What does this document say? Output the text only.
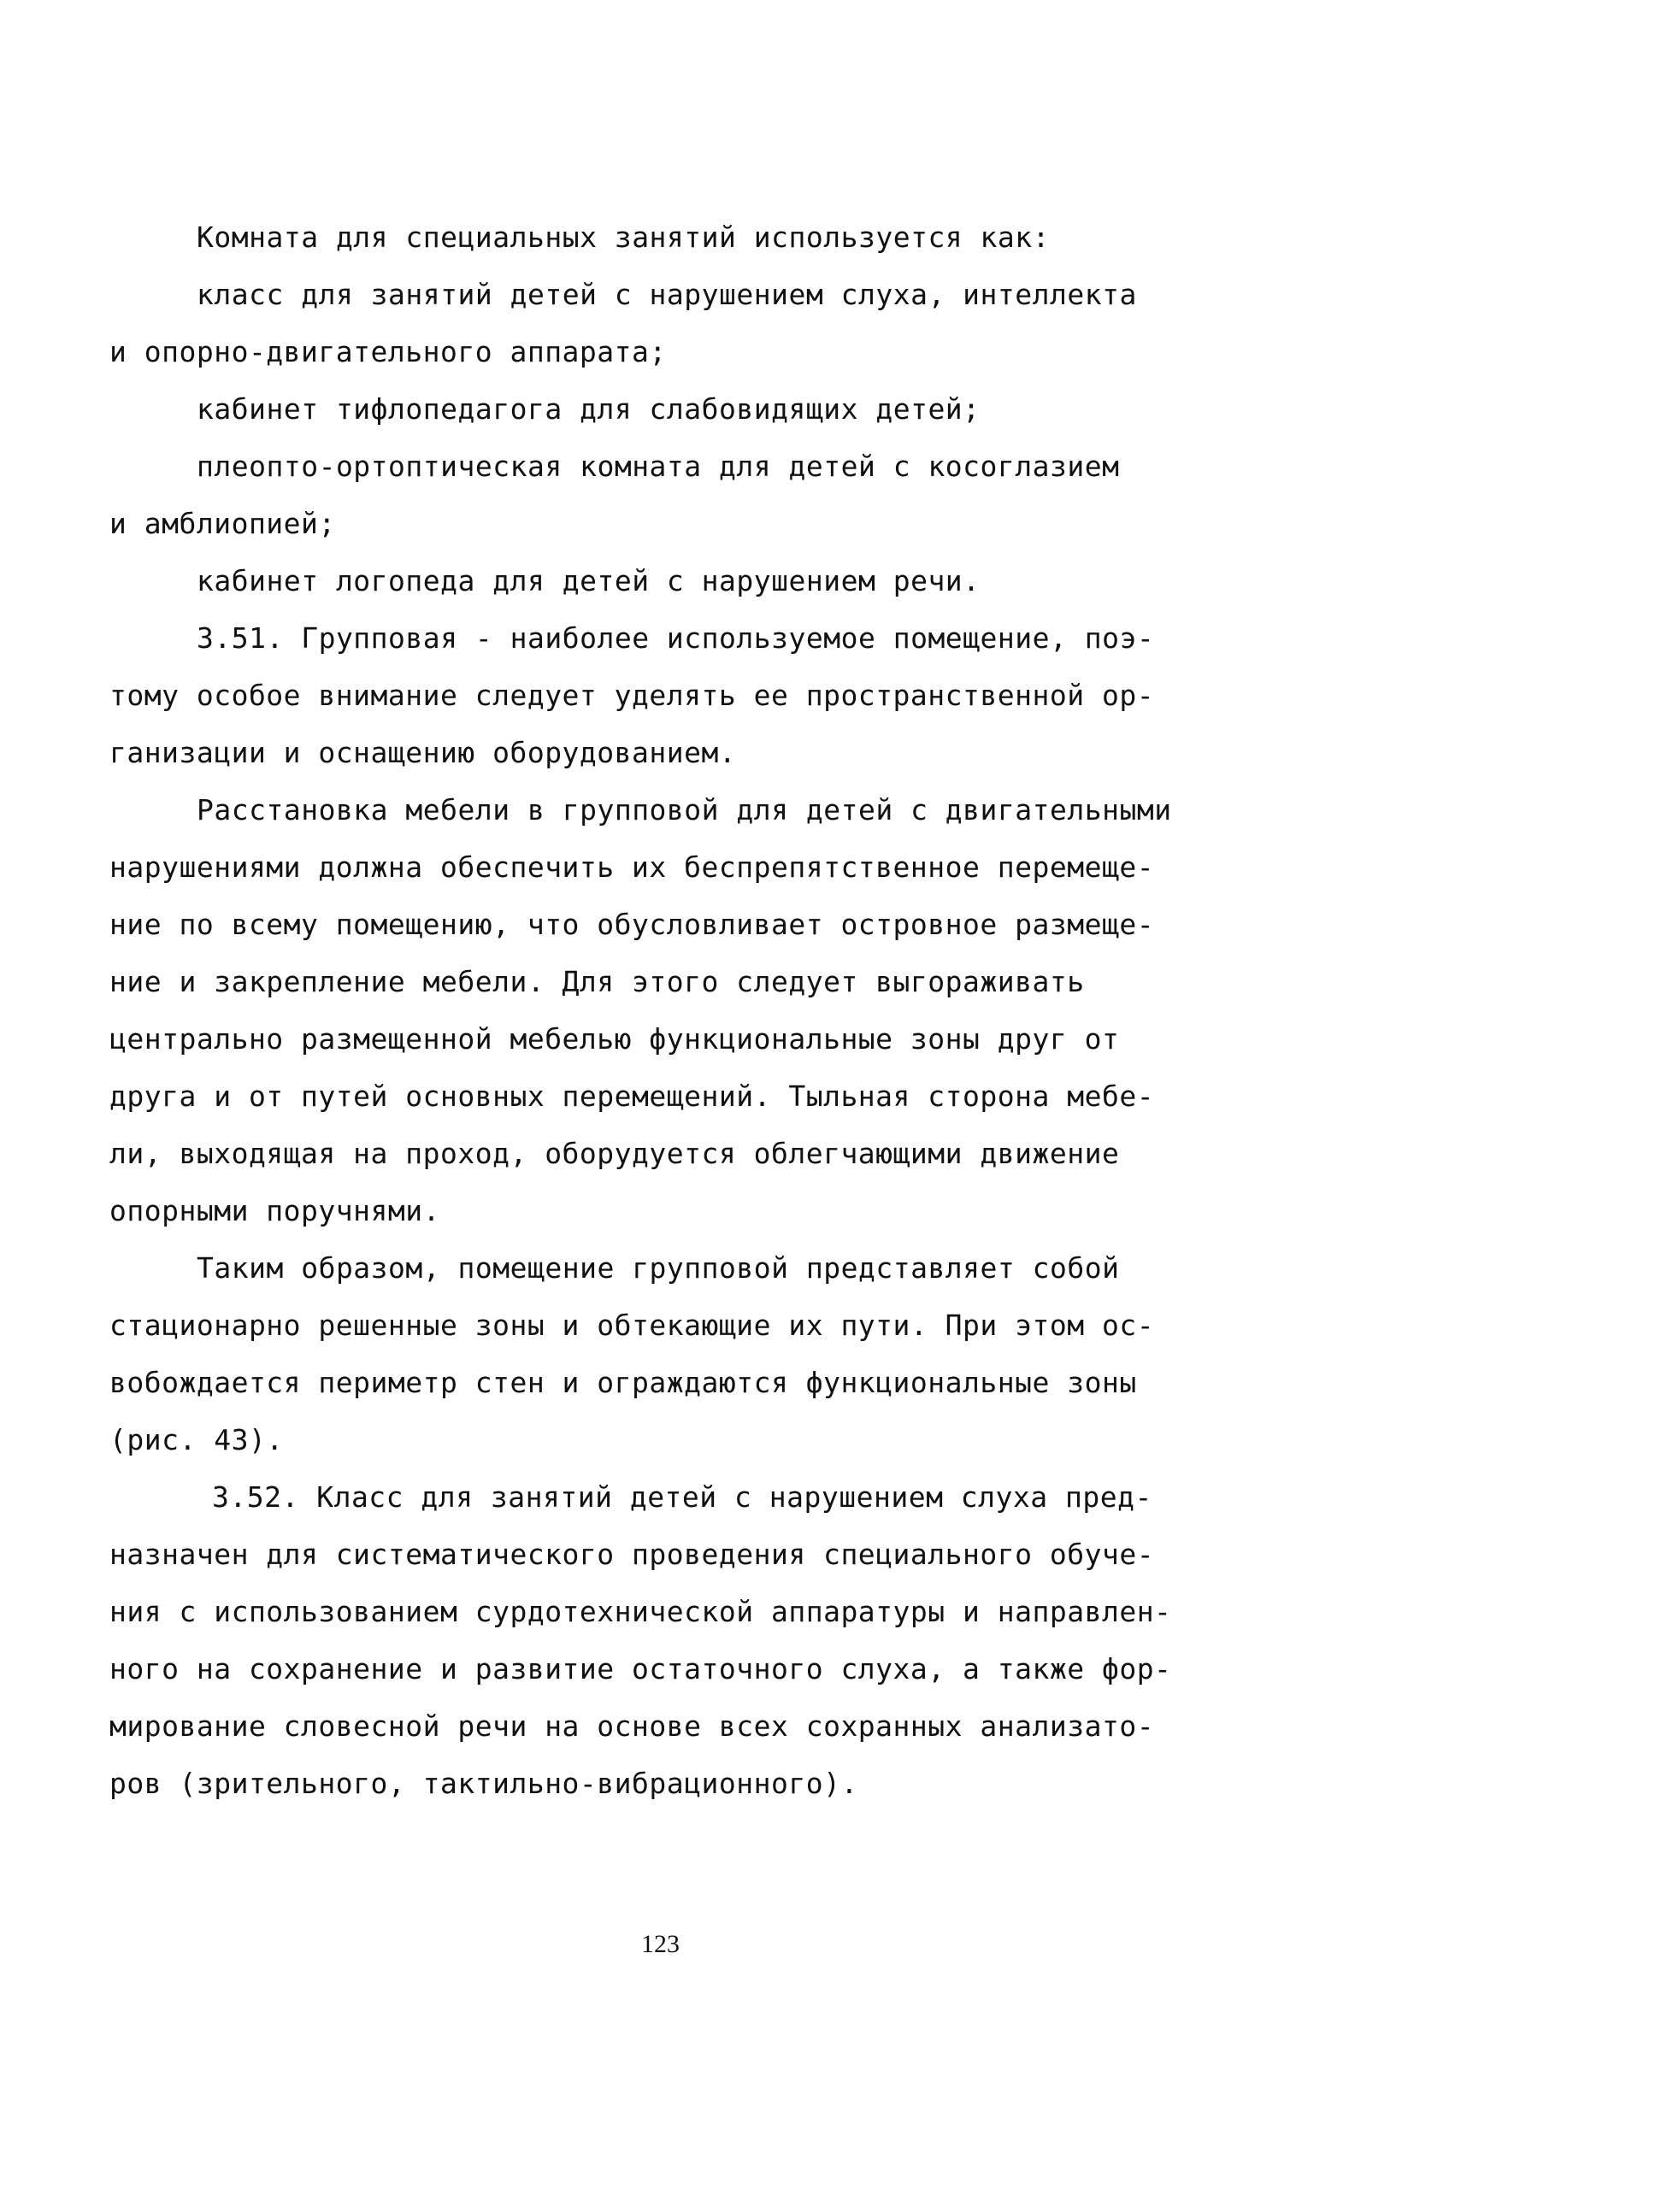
Комната для специальных занятий используется как:
класс для занятий детей с нарушением слуха, интеллекта
и опорно-двигательного аппарата;
кабинет тифлопедагога для слабовидящих детей;
плеопто-ортоптическая комната для детей с косоглазием
и амблиопией;
кабинет логопеда для детей с нарушением речи.
3.51. Групповая - наиболее используемое помещение, поэ-
тому особое внимание следует уделять ее пространственной ор-
ганизации и оснащению оборудованием.
Расстановка мебели в групповой для детей с двигательными
нарушениями должна обеспечить их беспрепятственное перемеще-
ние по всему помещению, что обусловливает островное размеще-
ние и закрепление мебели. Для этого следует выгораживать
центрально размещенной мебелью функциональные зоны друг от
друга и от путей основных перемещений. Тыльная сторона мебе-
ли, выходящая на проход, оборудуется облегчающими движение
опорными поручнями.
Таким образом, помещение групповой представляет собой
стационарно решенные зоны и обтекающие их пути. При этом ос-
вобождается периметр стен и ограждаются функциональные зоны
(рис. 43).
3.52. Класс для занятий детей с нарушением слуха пред-
назначен для систематического проведения специального обуче-
ния с использованием сурдотехнической аппаратуры и направлен-
ного на сохранение и развитие остаточного слуха, а также фор-
мирование словесной речи на основе всех сохранных анализато-
ров (зрительного, тактильно-вибрационного).
123
